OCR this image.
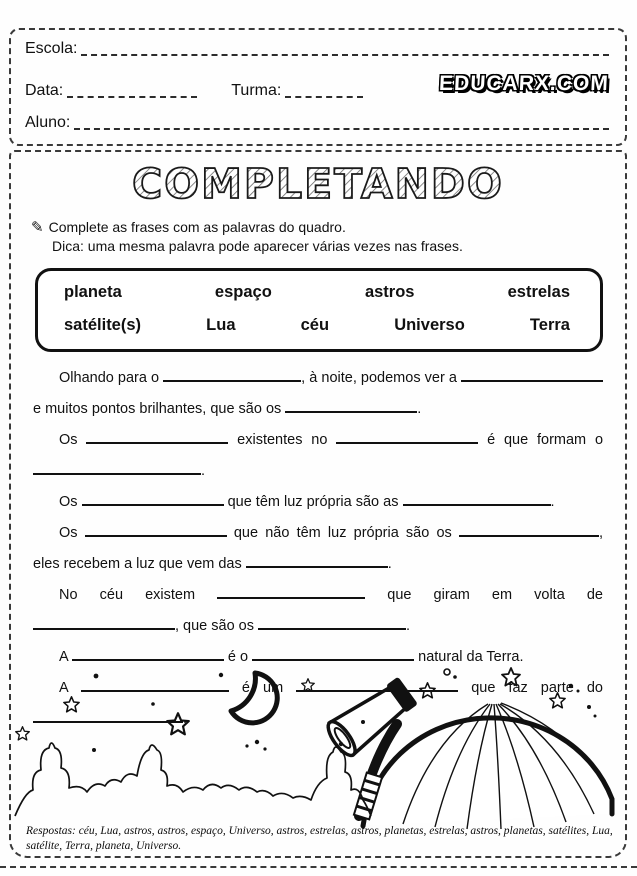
Escola:
Data:	Turma:	EDUCARX.COM
Aluno:
COMPLETANDO
✎ Complete as frases com as palavras do quadro.
Dica: uma mesma palavra pode aparecer várias vezes nas frases.
planeta	espaço	astros	estrelas
satélite(s)	Lua	céu	Universo	Terra

Olhando para o	, à noite, podemos ver a  e muitos pontos brilhantes, que são os	.

Os	existentes no	é que formam o .

Os	que têm luz própria são as	.

Os	que não têm luz própria são os	, eles recebem a luz que vem das	.

No céu existem	que giram em volta de , que são os	.

A	é o	natural da Terra.

A	é um	que faz parte do .

Respostas: céu, Lua, astros, astros, espaço, Universo, astros, estrelas, astros, planetas, estrelas, astros, planetas, satélites, Lua, satélite, Terra, planeta, Universo.
